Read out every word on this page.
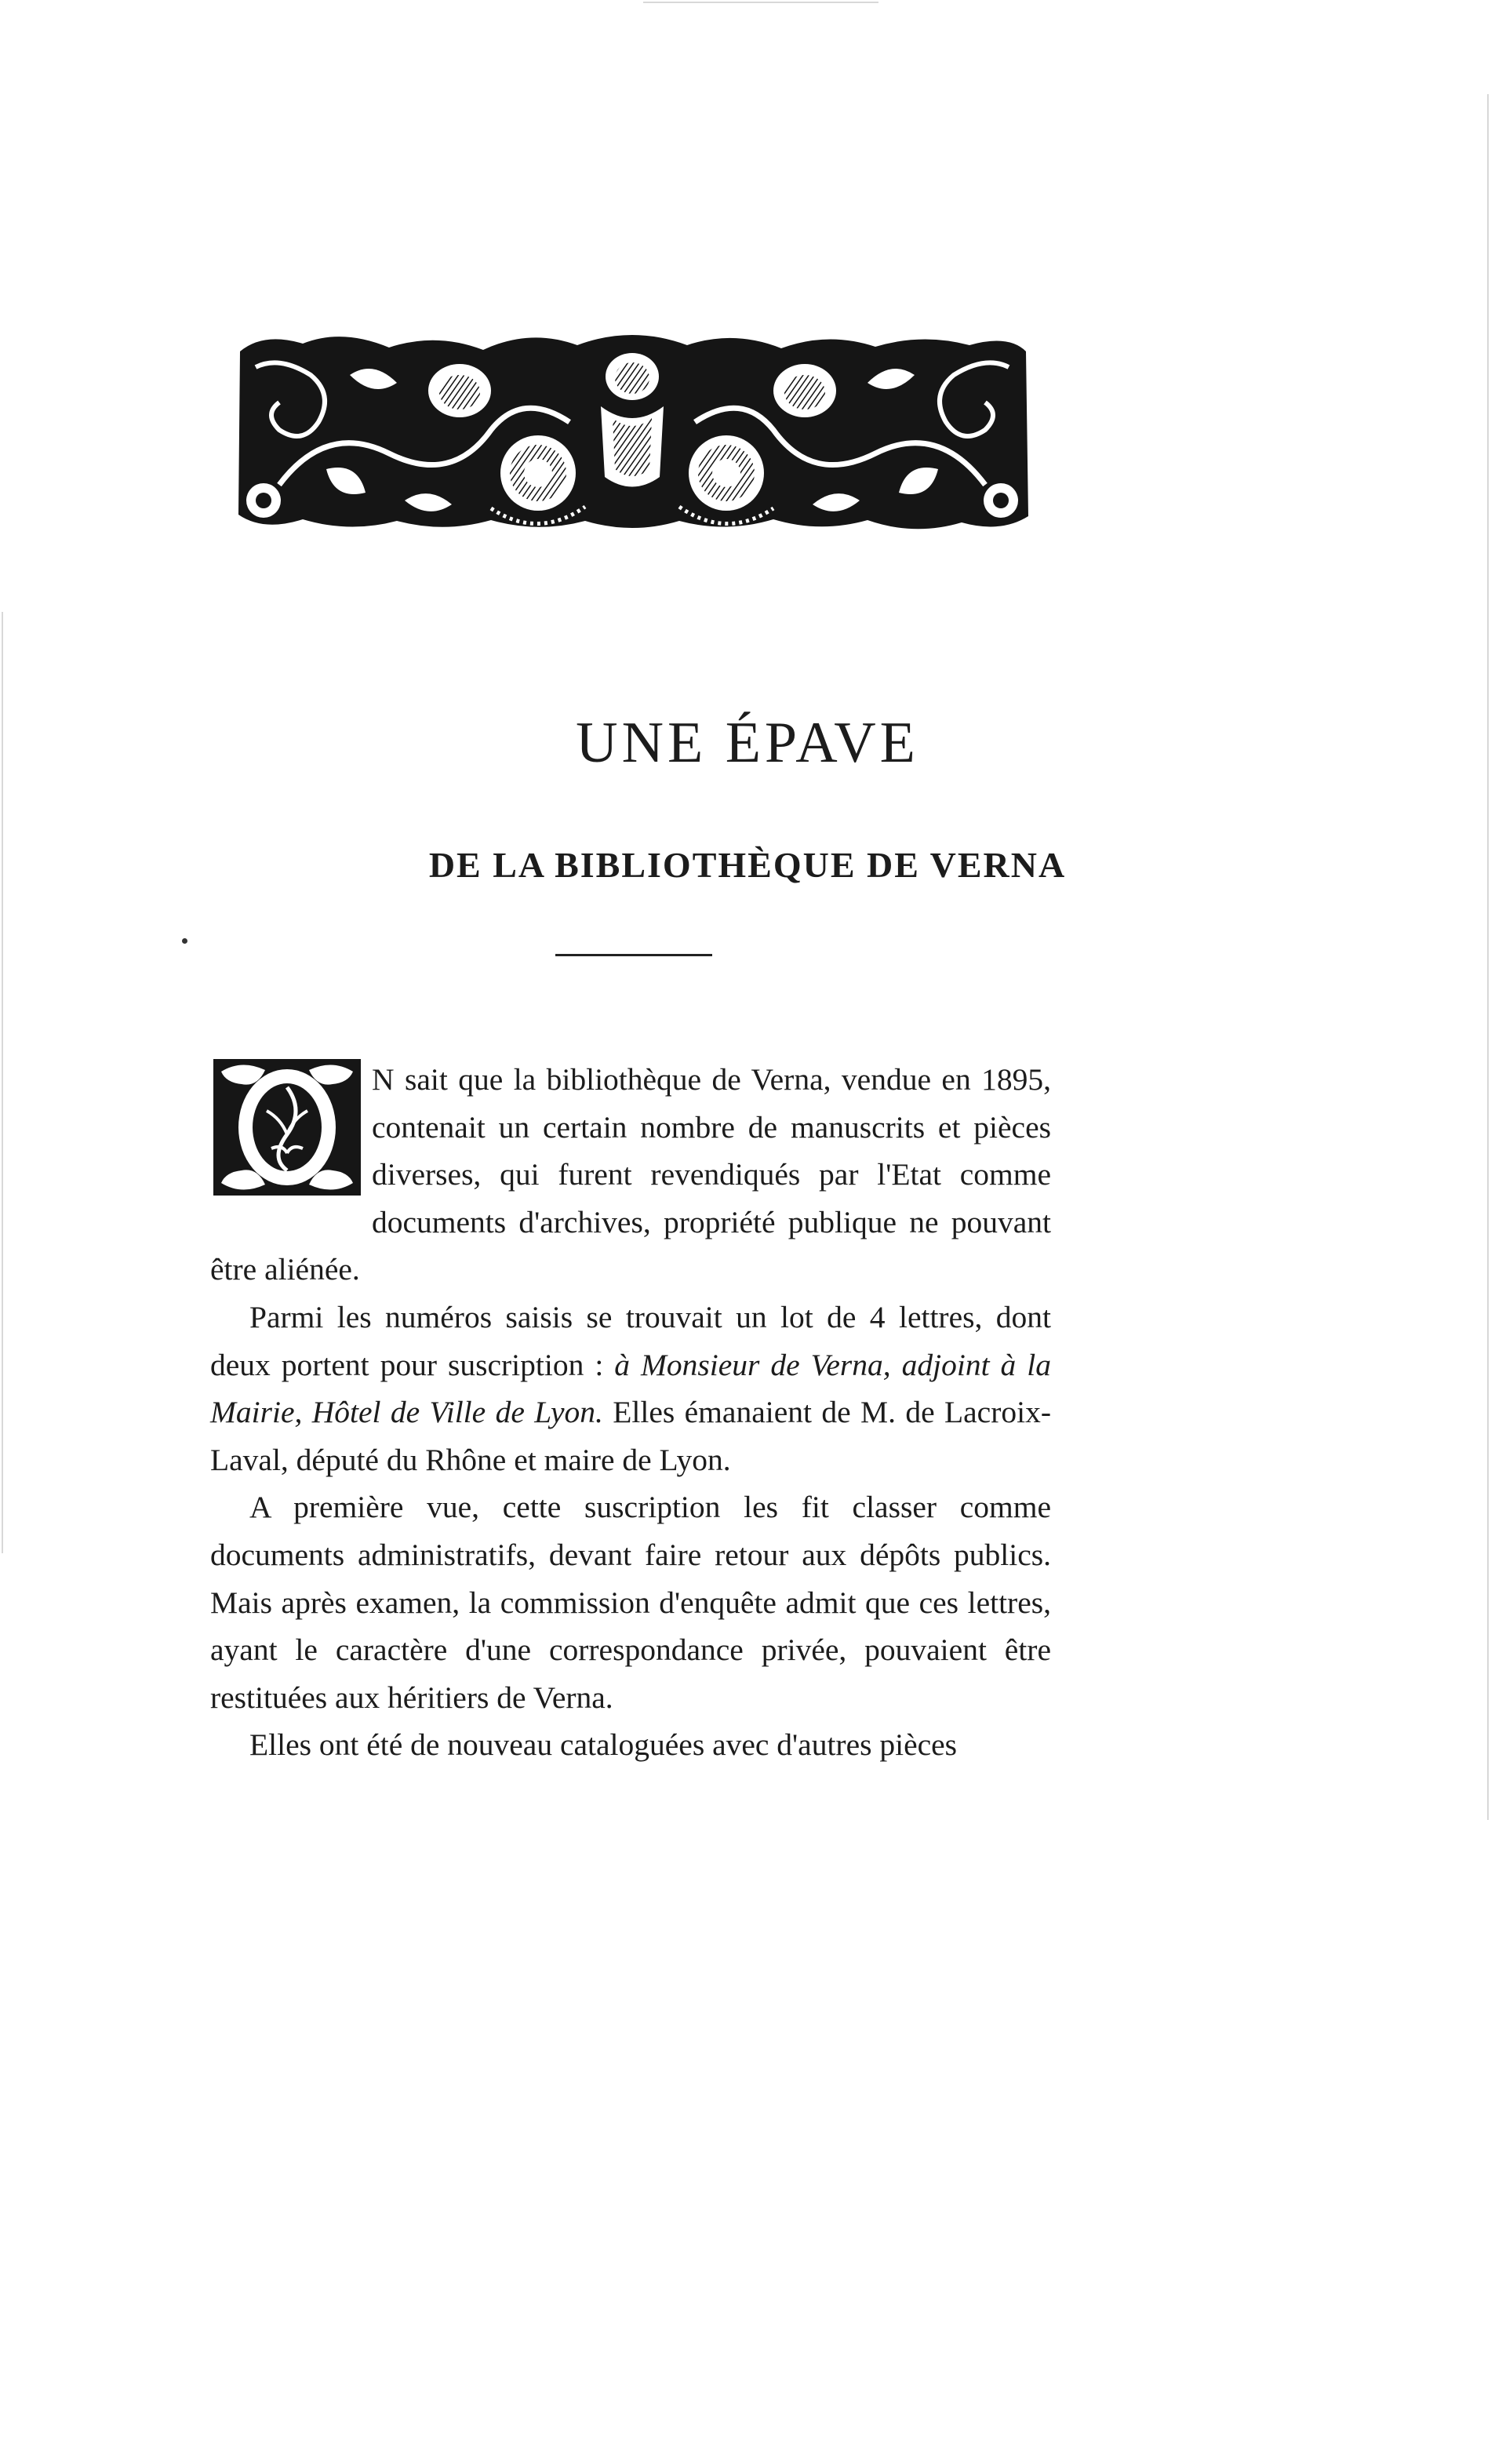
UNE ÉPAVE
DE LA BIBLIOTHÈQUE DE VERNA

N sait que la bibliothèque de Verna, vendue en 1895, contenait un certain nombre de manuscrits et pièces diverses, qui furent revendiqués par l'Etat comme documents d'archives, propriété publique ne pouvant être aliénée.

Parmi les numéros saisis se trouvait un lot de 4 lettres, dont deux portent pour suscription : à Monsieur de Verna, adjoint à la Mairie, Hôtel de Ville de Lyon. Elles émanaient de M. de Lacroix-Laval, député du Rhône et maire de Lyon.

A première vue, cette suscription les fit classer comme documents administratifs, devant faire retour aux dépôts publics. Mais après examen, la commission d'enquête admit que ces lettres, ayant le caractère d'une correspondance privée, pouvaient être restituées aux héritiers de Verna.

Elles ont été de nouveau cataloguées avec d'autres pièces
